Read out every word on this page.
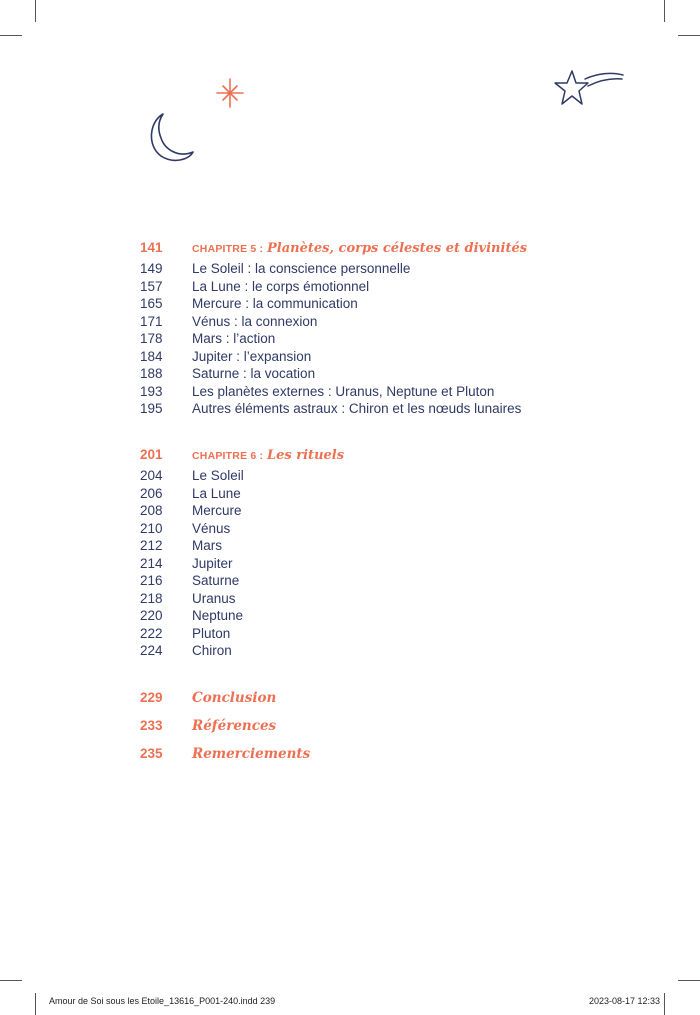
141	CHAPITRE 5 : Planètes, corps célestes et divinités
149	Le Soleil : la conscience personnelle
157	La Lune : le corps émotionnel
165	Mercure : la communication
171	Vénus : la connexion
178	Mars : l’action
184	Jupiter : l’expansion
188	Saturne : la vocation
193	Les planètes externes : Uranus, Neptune et Pluton
195	Autres éléments astraux : Chiron et les nœuds lunaires
201	CHAPITRE 6 : Les rituels
204	Le Soleil
206	La Lune
208	Mercure
210	Vénus
212	Mars
214	Jupiter
216	Saturne
218	Uranus
220	Neptune
222	Pluton
224	Chiron
229	Conclusion
233	Références
235	Remerciements
Amour de Soi sous les Etoile_13616_P001-240.indd 239	2023-08-17 12:33
